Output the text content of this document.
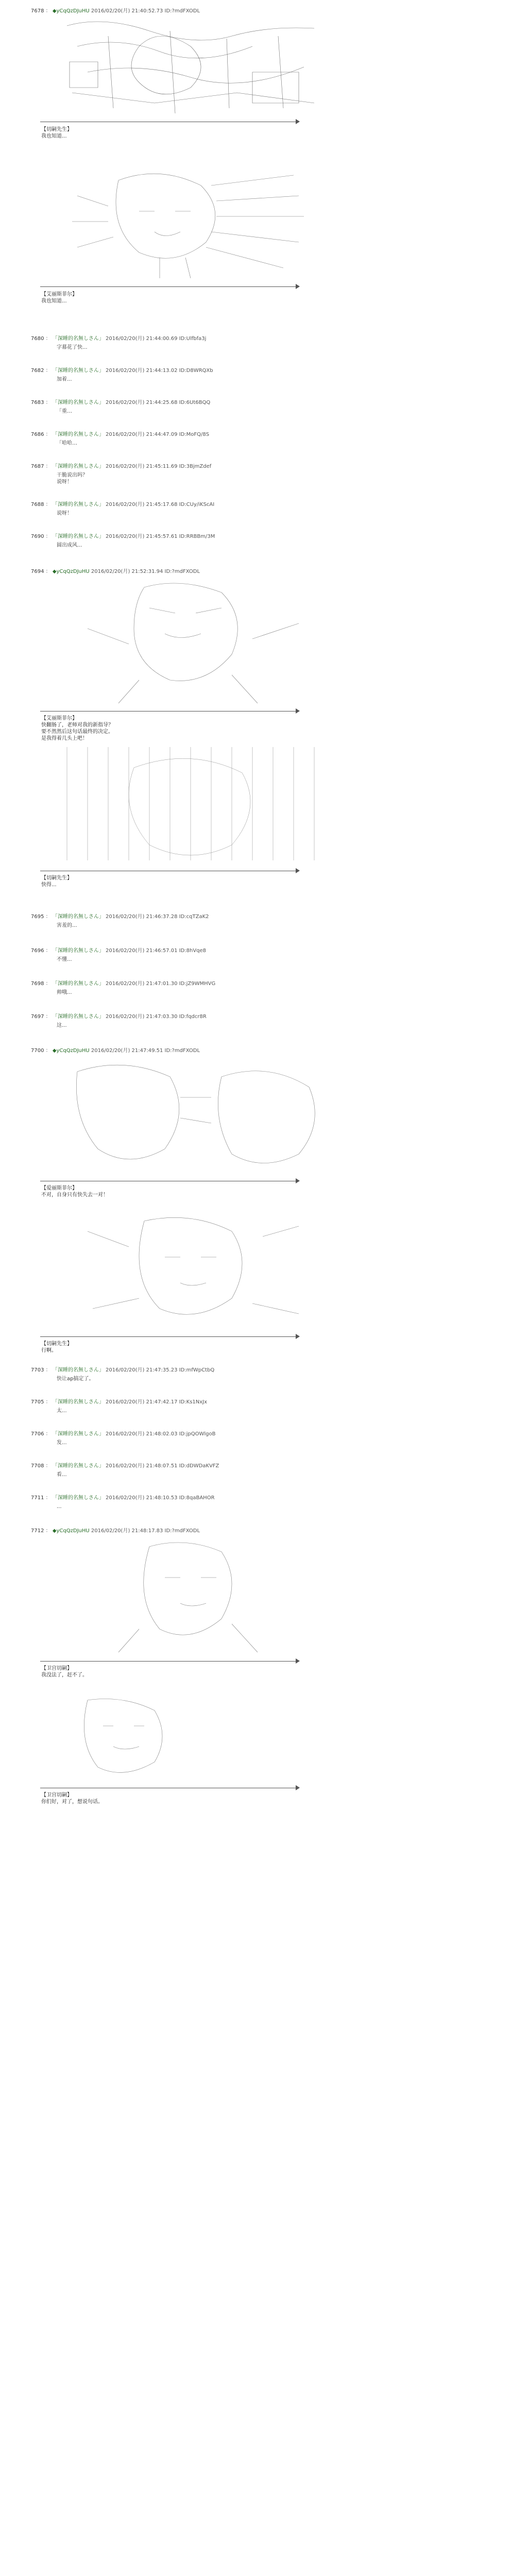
7678 ： ◆yCqQzDJuHU 2016/02/20(月) 21:40:52.73 ID:?mdFXODL
【切嗣先生】
我也知道...
【艾丽斯菲尔】
我也知道...
7680 ： 「深睡的名無しさん」 2016/02/20(月) 21:44:00.69 ID:Ulfbfa3j
字幕花了快...
7682 ： 「深睡的名無しさん」 2016/02/20(月) 21:44:13.02 ID:D8WRQXb
加着...
7683 ： 「深睡的名無しさん」 2016/02/20(月) 21:44:25.68 ID:6Ut6BQQ
「重…
7686 ： 「深睡的名無しさん」 2016/02/20(月) 21:44:47.09 ID:MoFQ/8S
「哈哈…
7687 ： 「深睡的名無しさん」 2016/02/20(月) 21:45:11.69 ID:3BjmZdef
干脆说出吗？
说呀！
7688 ： 「深睡的名無しさん」 2016/02/20(月) 21:45:17.68 ID:CUy/iKScAI
说呀！
7690 ： 「深睡的名無しさん」 2016/02/20(月) 21:45:57.61 ID:RRBBm/3M
圆出成风...
7694 ： ◆yCqQzDJuHU 2016/02/20(月) 21:52:31.94 ID:?mdFXODL
【艾丽斯菲尔】
快翻肠了，老师对我的新指导？
要不然然后这句话最终的决定。
是我得着几头上吧！
【切嗣先生】
快得...
7695 ： 「深睡的名無しさん」 2016/02/20(月) 21:46:37.28 ID:cqTZaK2
害羞的...
7696 ： 「深睡的名無しさん」 2016/02/20(月) 21:46:57.01 ID:8hVqe8
不懂...
7698 ： 「深睡的名無しさん」 2016/02/20(月) 21:47:01.30 ID:jZ9WMHVG
帅哦...
7697 ： 「深睡的名無しさん」 2016/02/20(月) 21:47:03.30 ID:fqdcr8R
这...
7700 ： ◆yCqQzDJuHU 2016/02/20(月) 21:47:49.51 ID:?mdFXODL
【爱丽斯菲尔】
不对，自身只有快失去一对！
【切嗣先生】
行啊。
7703 ： 「深睡的名無しさん」 2016/02/20(月) 21:47:35.23 ID:mfWpCtbQ
快让ap搞定了。
7705 ： 「深睡的名無しさん」 2016/02/20(月) 21:47:42.17 ID:Ks1NxJx
太...
7706 ： 「深睡的名無しさん」 2016/02/20(月) 21:48:02.03 ID:jpQOWlgoB
发...
7708 ： 「深睡的名無しさん」 2016/02/20(月) 21:48:07.51 ID:dDWDaKVFZ
看...
7711 ： 「深睡的名無しさん」 2016/02/20(月) 21:48:10.53 ID:8qaBAHOR
...
7712 ： ◆yCqQzDJuHU 2016/02/20(月) 21:48:17.83 ID:?mdFXODL
【卫宫切嗣】
我没法了，赶不了。
【卫宫切嗣】
你们好，对了，想说句话。
